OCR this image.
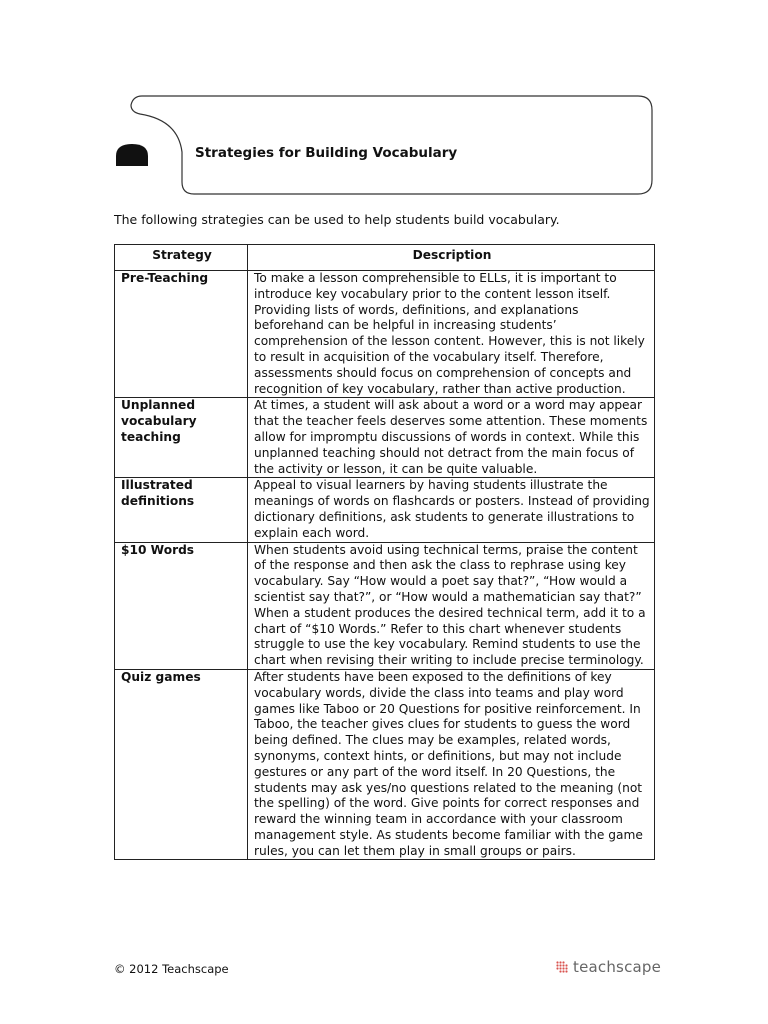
Strategies for Building Vocabulary
The following strategies can be used to help students build vocabulary.
Strategy	Description
Pre-Teaching	To make a lesson comprehensible to ELLs, it is important to introduce key vocabulary prior to the content lesson itself. Providing lists of words, definitions, and explanations beforehand can be helpful in increasing students’ comprehension of the lesson content. However, this is not likely to result in acquisition of the vocabulary itself. Therefore, assessments should focus on comprehension of concepts and recognition of key vocabulary, rather than active production.
Unplanned vocabulary teaching	At times, a student will ask about a word or a word may appear that the teacher feels deserves some attention. These moments allow for impromptu discussions of words in context. While this unplanned teaching should not detract from the main focus of the activity or lesson, it can be quite valuable.
Illustrated definitions	Appeal to visual learners by having students illustrate the meanings of words on flashcards or posters. Instead of providing dictionary definitions, ask students to generate illustrations to explain each word.
$10 Words	When students avoid using technical terms, praise the content of the response and then ask the class to rephrase using key vocabulary. Say “How would a poet say that?”, “How would a scientist say that?”, or “How would a mathematician say that?” When a student produces the desired technical term, add it to a chart of “$10 Words.” Refer to this chart whenever students struggle to use the key vocabulary. Remind students to use the chart when revising their writing to include precise terminology.
Quiz games	After students have been exposed to the definitions of key vocabulary words, divide the class into teams and play word games like Taboo or 20 Questions for positive reinforcement. In Taboo, the teacher gives clues for students to guess the word being defined. The clues may be examples, related words, synonyms, context hints, or definitions, but may not include gestures or any part of the word itself. In 20 Questions, the students may ask yes/no questions related to the meaning (not the spelling) of the word. Give points for correct responses and reward the winning team in accordance with your classroom management style. As students become familiar with the game rules, you can let them play in small groups or pairs.
© 2012 Teachscape	teachscape
